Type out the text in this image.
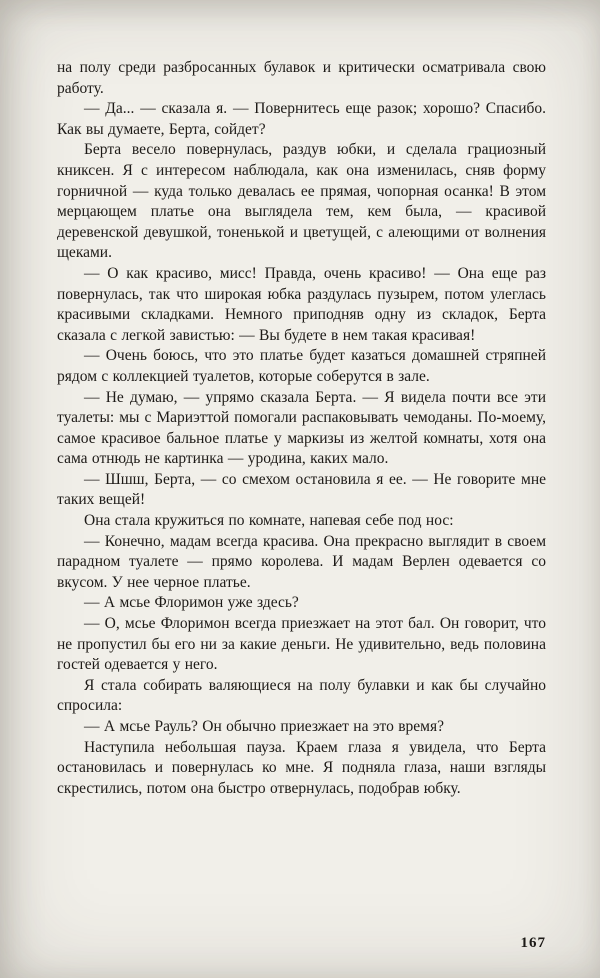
на полу среди разбросанных булавок и критически осматривала свою работу.

— Да... — сказала я. — Повернитесь еще разок; хорошо? Спасибо. Как вы думаете, Берта, сойдет?

Берта весело повернулась, раздув юбки, и сделала грациозный книксен. Я с интересом наблюдала, как она изменилась, сняв форму горничной — куда только девалась ее прямая, чопорная осанка! В этом мерцающем платье она выглядела тем, кем была, — красивой деревенской девушкой, тоненькой и цветущей, с алеющими от волнения щеками.

— О как красиво, мисс! Правда, очень красиво! — Она еще раз повернулась, так что широкая юбка раздулась пузырем, потом улеглась красивыми складками. Немного приподняв одну из складок, Берта сказала с легкой завистью: — Вы будете в нем такая красивая!

— Очень боюсь, что это платье будет казаться домашней стряпней рядом с коллекцией туалетов, которые соберутся в зале.

— Не думаю, — упрямо сказала Берта. — Я видела почти все эти туалеты: мы с Мариэттой помогали распаковывать чемоданы. По-моему, самое красивое бальное платье у маркизы из желтой комнаты, хотя она сама отнюдь не картинка — уродина, каких мало.

— Шшш, Берта, — со смехом остановила я ее. — Не говорите мне таких вещей!

Она стала кружиться по комнате, напевая себе под нос:

— Конечно, мадам всегда красива. Она прекрасно выглядит в своем парадном туалете — прямо королева. И мадам Верлен одевается со вкусом. У нее черное платье.

— А мсье Флоримон уже здесь?

— О, мсье Флоримон всегда приезжает на этот бал. Он говорит, что не пропустил бы его ни за какие деньги. Не удивительно, ведь половина гостей одевается у него.

Я стала собирать валяющиеся на полу булавки и как бы случайно спросила:

— А мсье Рауль? Он обычно приезжает на это время?

Наступила небольшая пауза. Краем глаза я увидела, что Берта остановилась и повернулась ко мне. Я подняла глаза, наши взгляды скрестились, потом она быстро отвернулась, подобрав юбку.

167
